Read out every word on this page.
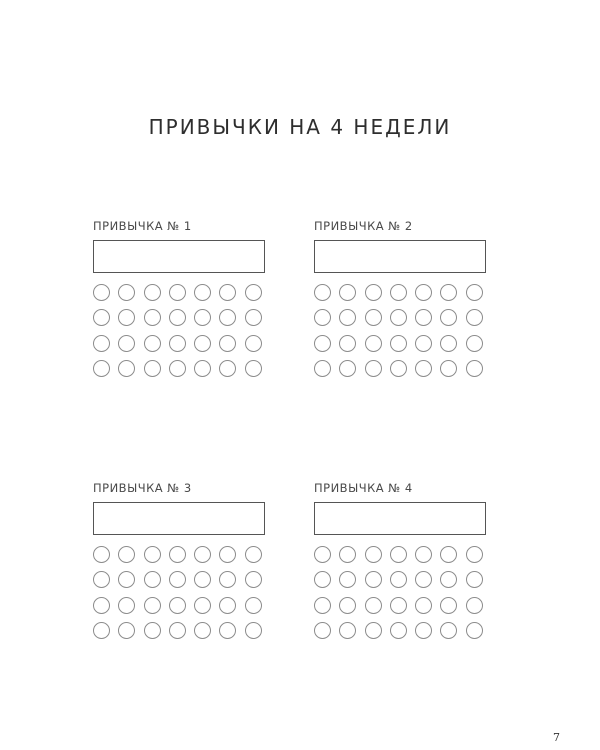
ПРИВЫЧКИ НА 4 НЕДЕЛИ
ПРИВЫЧКА № 1	ПРИВЫЧКА № 2
ПРИВЫЧКА № 3	ПРИВЫЧКА № 4
7
